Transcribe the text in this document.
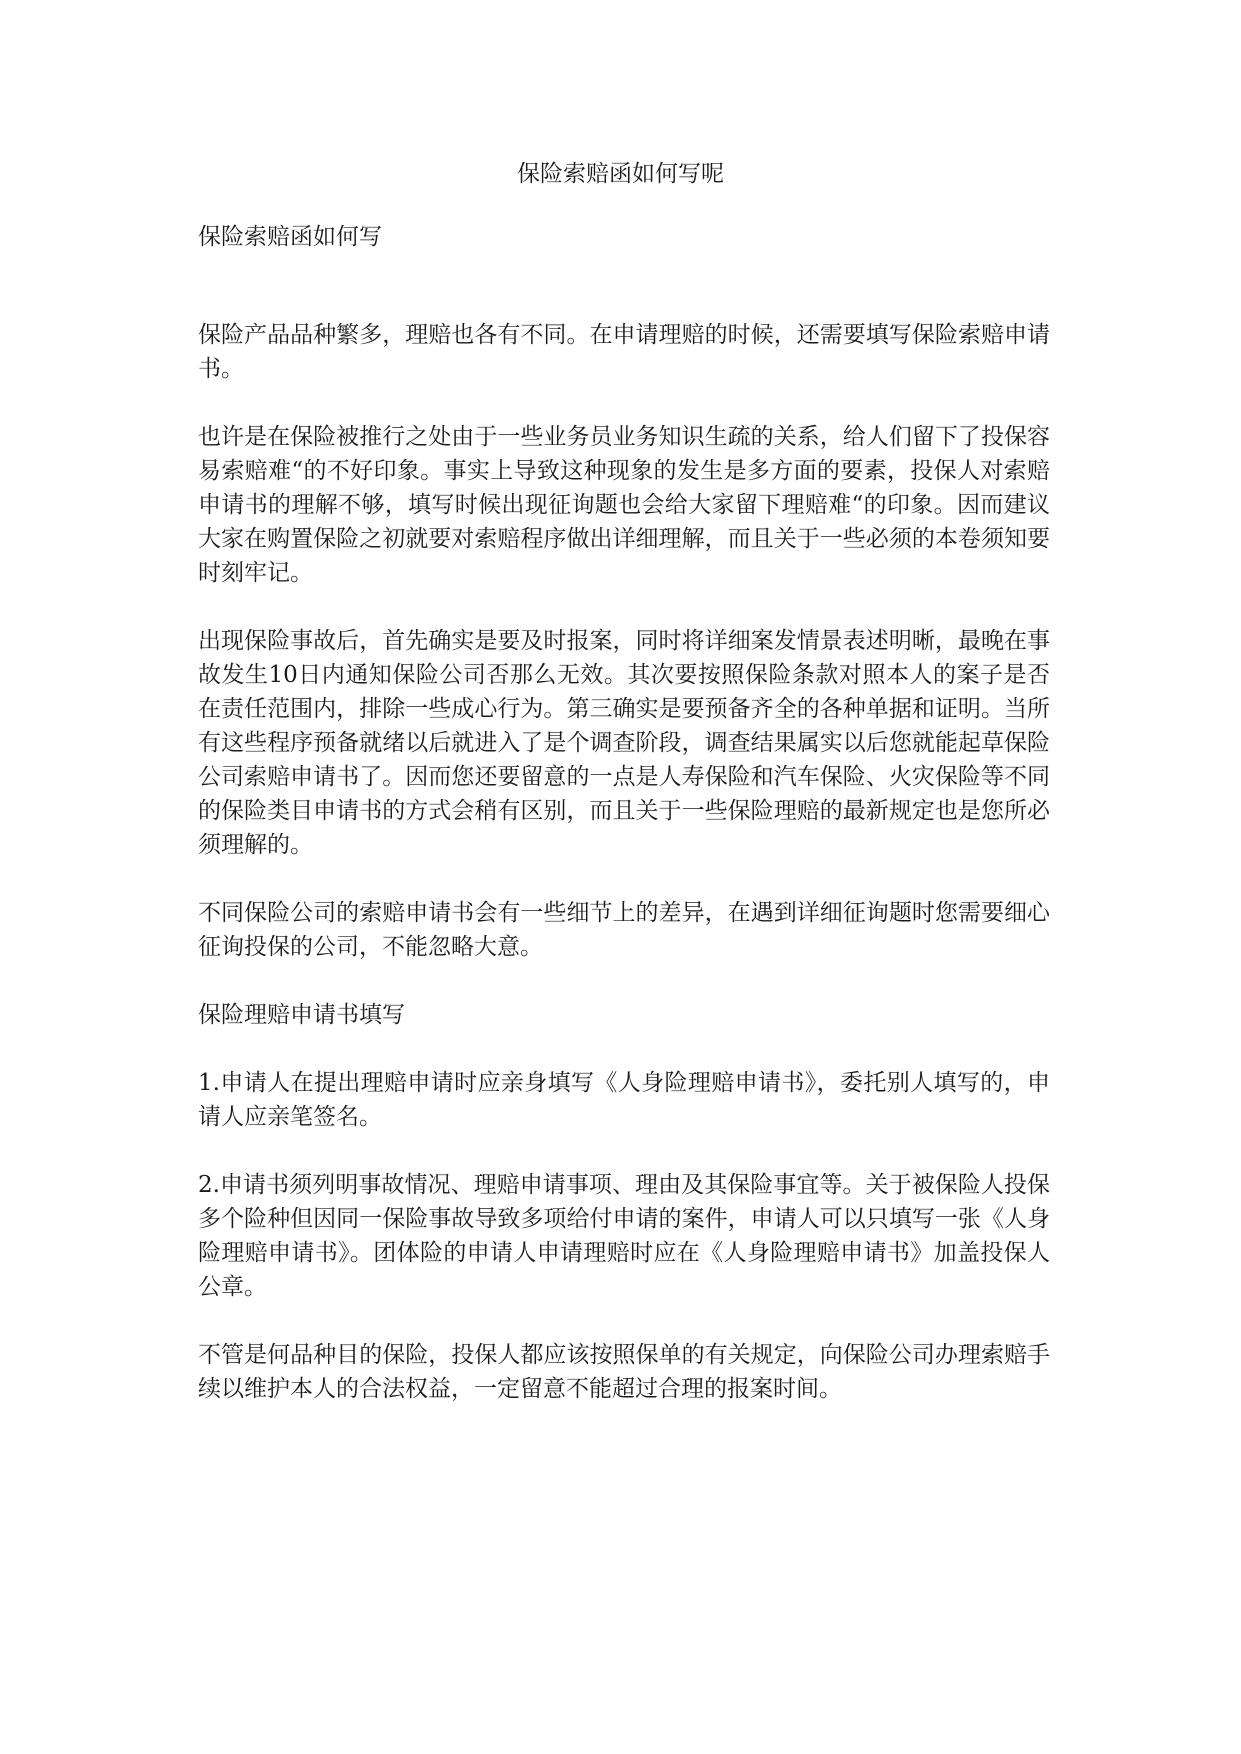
保险索赔函如何写呢

保险索赔函如何写

保险产品品种繁多，理赔也各有不同。在申请理赔的时候，还需要填写保险索赔申请书。

也许是在保险被推行之处由于一些业务员业务知识生疏的关系，给人们留下了投保容易索赔难“的不好印象。事实上导致这种现象的发生是多方面的要素，投保人对索赔申请书的理解不够，填写时候出现征询题也会给大家留下理赔难“的印象。因而建议大家在购置保险之初就要对索赔程序做出详细理解，而且关于一些必须的本卷须知要时刻牢记。

出现保险事故后，首先确实是要及时报案，同时将详细案发情景表述明晰，最晚在事故发生10日内通知保险公司否那么无效。其次要按照保险条款对照本人的案子是否在责任范围内，排除一些成心行为。第三确实是要预备齐全的各种单据和证明。当所有这些程序预备就绪以后就进入了是个调查阶段，调查结果属实以后您就能起草保险公司索赔申请书了。因而您还要留意的一点是人寿保险和汽车保险、火灾保险等不同的保险类目申请书的方式会稍有区别，而且关于一些保险理赔的最新规定也是您所必须理解的。

不同保险公司的索赔申请书会有一些细节上的差异，在遇到详细征询题时您需要细心征询投保的公司，不能忽略大意。

保险理赔申请书填写

1.申请人在提出理赔申请时应亲身填写《人身险理赔申请书》，委托别人填写的，申请人应亲笔签名。

2.申请书须列明事故情况、理赔申请事项、理由及其保险事宜等。关于被保险人投保多个险种但因同一保险事故导致多项给付申请的案件，申请人可以只填写一张《人身险理赔申请书》。团体险的申请人申请理赔时应在《人身险理赔申请书》加盖投保人公章。

不管是何品种目的保险，投保人都应该按照保单的有关规定，向保险公司办理索赔手续以维护本人的合法权益，一定留意不能超过合理的报案时间。
